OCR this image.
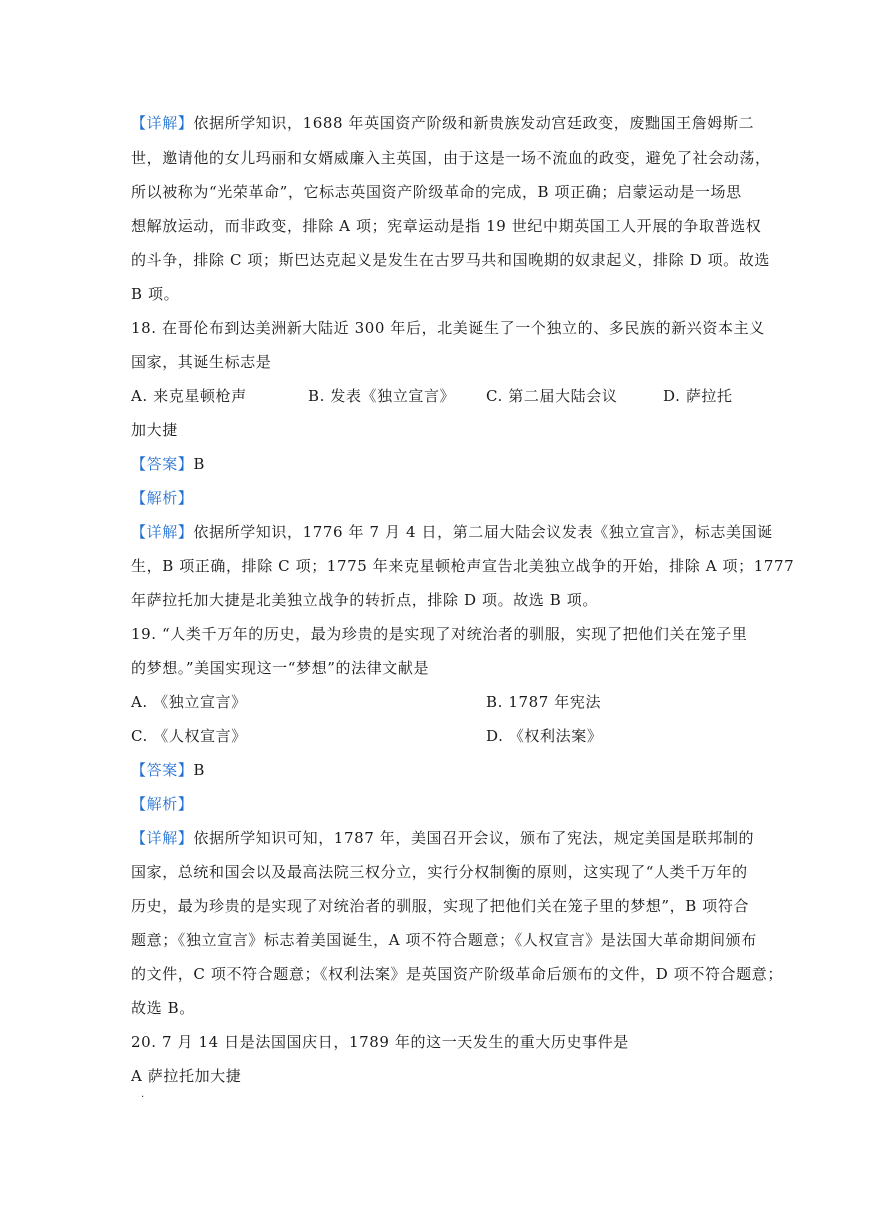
【详解】依据所学知识，1688 年英国资产阶级和新贵族发动宫廷政变，废黜国王詹姆斯二
世，邀请他的女儿玛丽和女婿威廉入主英国，由于这是一场不流血的政变，避免了社会动荡，
所以被称为“光荣革命”，它标志英国资产阶级革命的完成，B 项正确；启蒙运动是一场思
想解放运动，而非政变，排除 A 项；宪章运动是指 19 世纪中期英国工人开展的争取普选权
的斗争，排除 C 项；斯巴达克起义是发生在古罗马共和国晚期的奴隶起义，排除 D 项。故选
B 项。
18. 在哥伦布到达美洲新大陆近 300 年后，北美诞生了一个独立的、多民族的新兴资本主义
国家，其诞生标志是
A. 来克星顿枪声	B. 发表《独立宣言》 C. 第二届大陆会议	D. 萨拉托
加大捷
【答案】B
【解析】
【详解】依据所学知识，1776 年 7 月 4 日，第二届大陆会议发表《独立宣言》，标志美国诞
生，B 项正确，排除 C 项；1775 年来克星顿枪声宣告北美独立战争的开始，排除 A 项；1777
年萨拉托加大捷是北美独立战争的转折点，排除 D 项。故选 B 项。
19. “人类千万年的历史，最为珍贵的是实现了对统治者的驯服，实现了把他们关在笼子里
的梦想。”美国实现这一“梦想”的法律文献是
A. 《独立宣言》	B. 1787 年宪法
C. 《人权宣言》	D. 《权利法案》
【答案】B
【解析】
【详解】依据所学知识可知，1787 年，美国召开会议，颁布了宪法，规定美国是联邦制的
国家，总统和国会以及最高法院三权分立，实行分权制衡的原则，这实现了“人类千万年的
历史，最为珍贵的是实现了对统治者的驯服，实现了把他们关在笼子里的梦想”，B 项符合
题意；《独立宣言》标志着美国诞生，A 项不符合题意；《人权宣言》是法国大革命期间颁布
的文件，C 项不符合题意；《权利法案》是英国资产阶级革命后颁布的文件，D 项不符合题意；
故选 B。
20. 7 月 14 日是法国国庆日，1789 年的这一天发生的重大历史事件是
A 萨拉托加大捷
.
